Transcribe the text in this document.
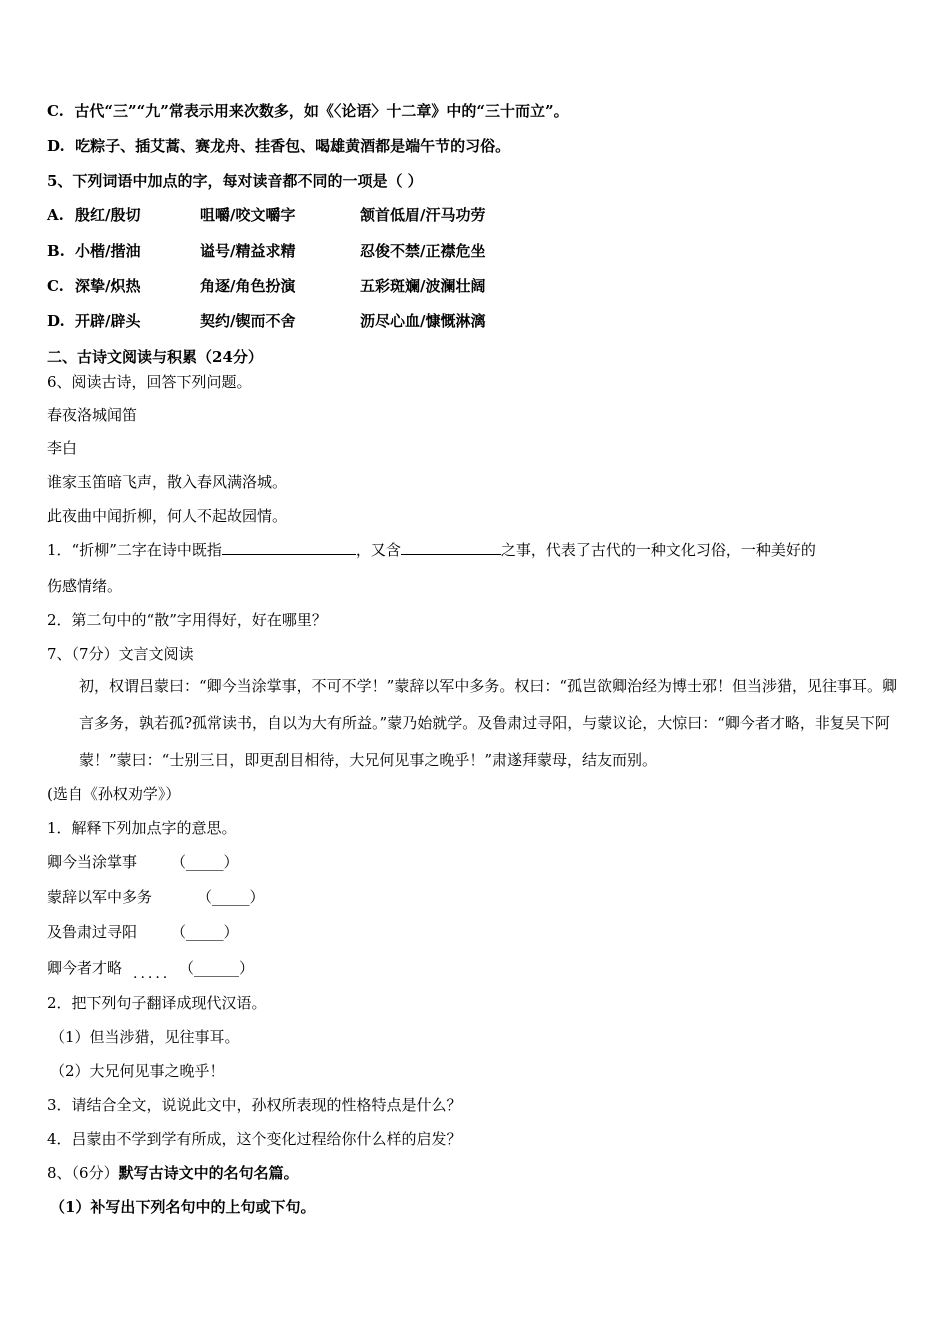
C. 古代“三”“九”常表示用来次数多，如《〈论语〉十二章》中的“三十而立”。
D. 吃粽子、插艾蒿、赛龙舟、挂香包、喝雄黄酒都是端午节的习俗。
5、下列词语中加点的字，每对读音都不同的一项是（ ）
A. 殷红/殷切	咀嚼/咬文嚼字	颔首低眉/汗马功劳
B. 小楷/揩油	谥号/精益求精	忍俊不禁/正襟危坐
C. 深挚/炽热	角逐/角色扮演	五彩斑斓/波澜壮阔
D. 开辟/辟头	契约/锲而不舍	沥尽心血/慷慨淋漓
二、古诗文阅读与积累（24分）
6、阅读古诗，回答下列问题。
春夜洛城闻笛
李白
谁家玉笛暗飞声，散入春风满洛城。
此夜曲中闻折柳，何人不起故园情。
1．“折柳”二字在诗中既指	，又含	之事，代表了古代的一种文化习俗，一种美好的
伤感情绪。
2．第二句中的“散”字用得好，好在哪里？
7、（7分）文言文阅读
初，权谓吕蒙曰：“卿今当涂掌事，不可不学！”蒙辞以军中多务。权曰：“孤岂欲卿治经为博士邪！但当涉猎，见往事耳。卿言多务，孰若孤?孤常读书，自以为大有所益。”蒙乃始就学。及鲁肃过寻阳，与蒙议论，大惊曰：“卿今者才略，非复吴下阿蒙！”蒙曰：“士别三日，即更刮目相待，大兄何见事之晚乎！”肃遂拜蒙母，结友而别。
(选自《孙权劝学》）
1．解释下列加点字的意思。
卿今当涂掌事 （_____）
蒙辞以军中多务	（_____）
及鲁肃过寻阳 （_____）
卿今者才略 ..... （______）
2．把下列句子翻译成现代汉语。
（1）但当涉猎，见往事耳。
（2）大兄何见事之晚乎！
3．请结合全文，说说此文中，孙权所表现的性格特点是什么？
4．吕蒙由不学到学有所成，这个变化过程给你什么样的启发？
8、（6分）默写古诗文中的名句名篇。
（1）补写出下列名句中的上句或下句。
